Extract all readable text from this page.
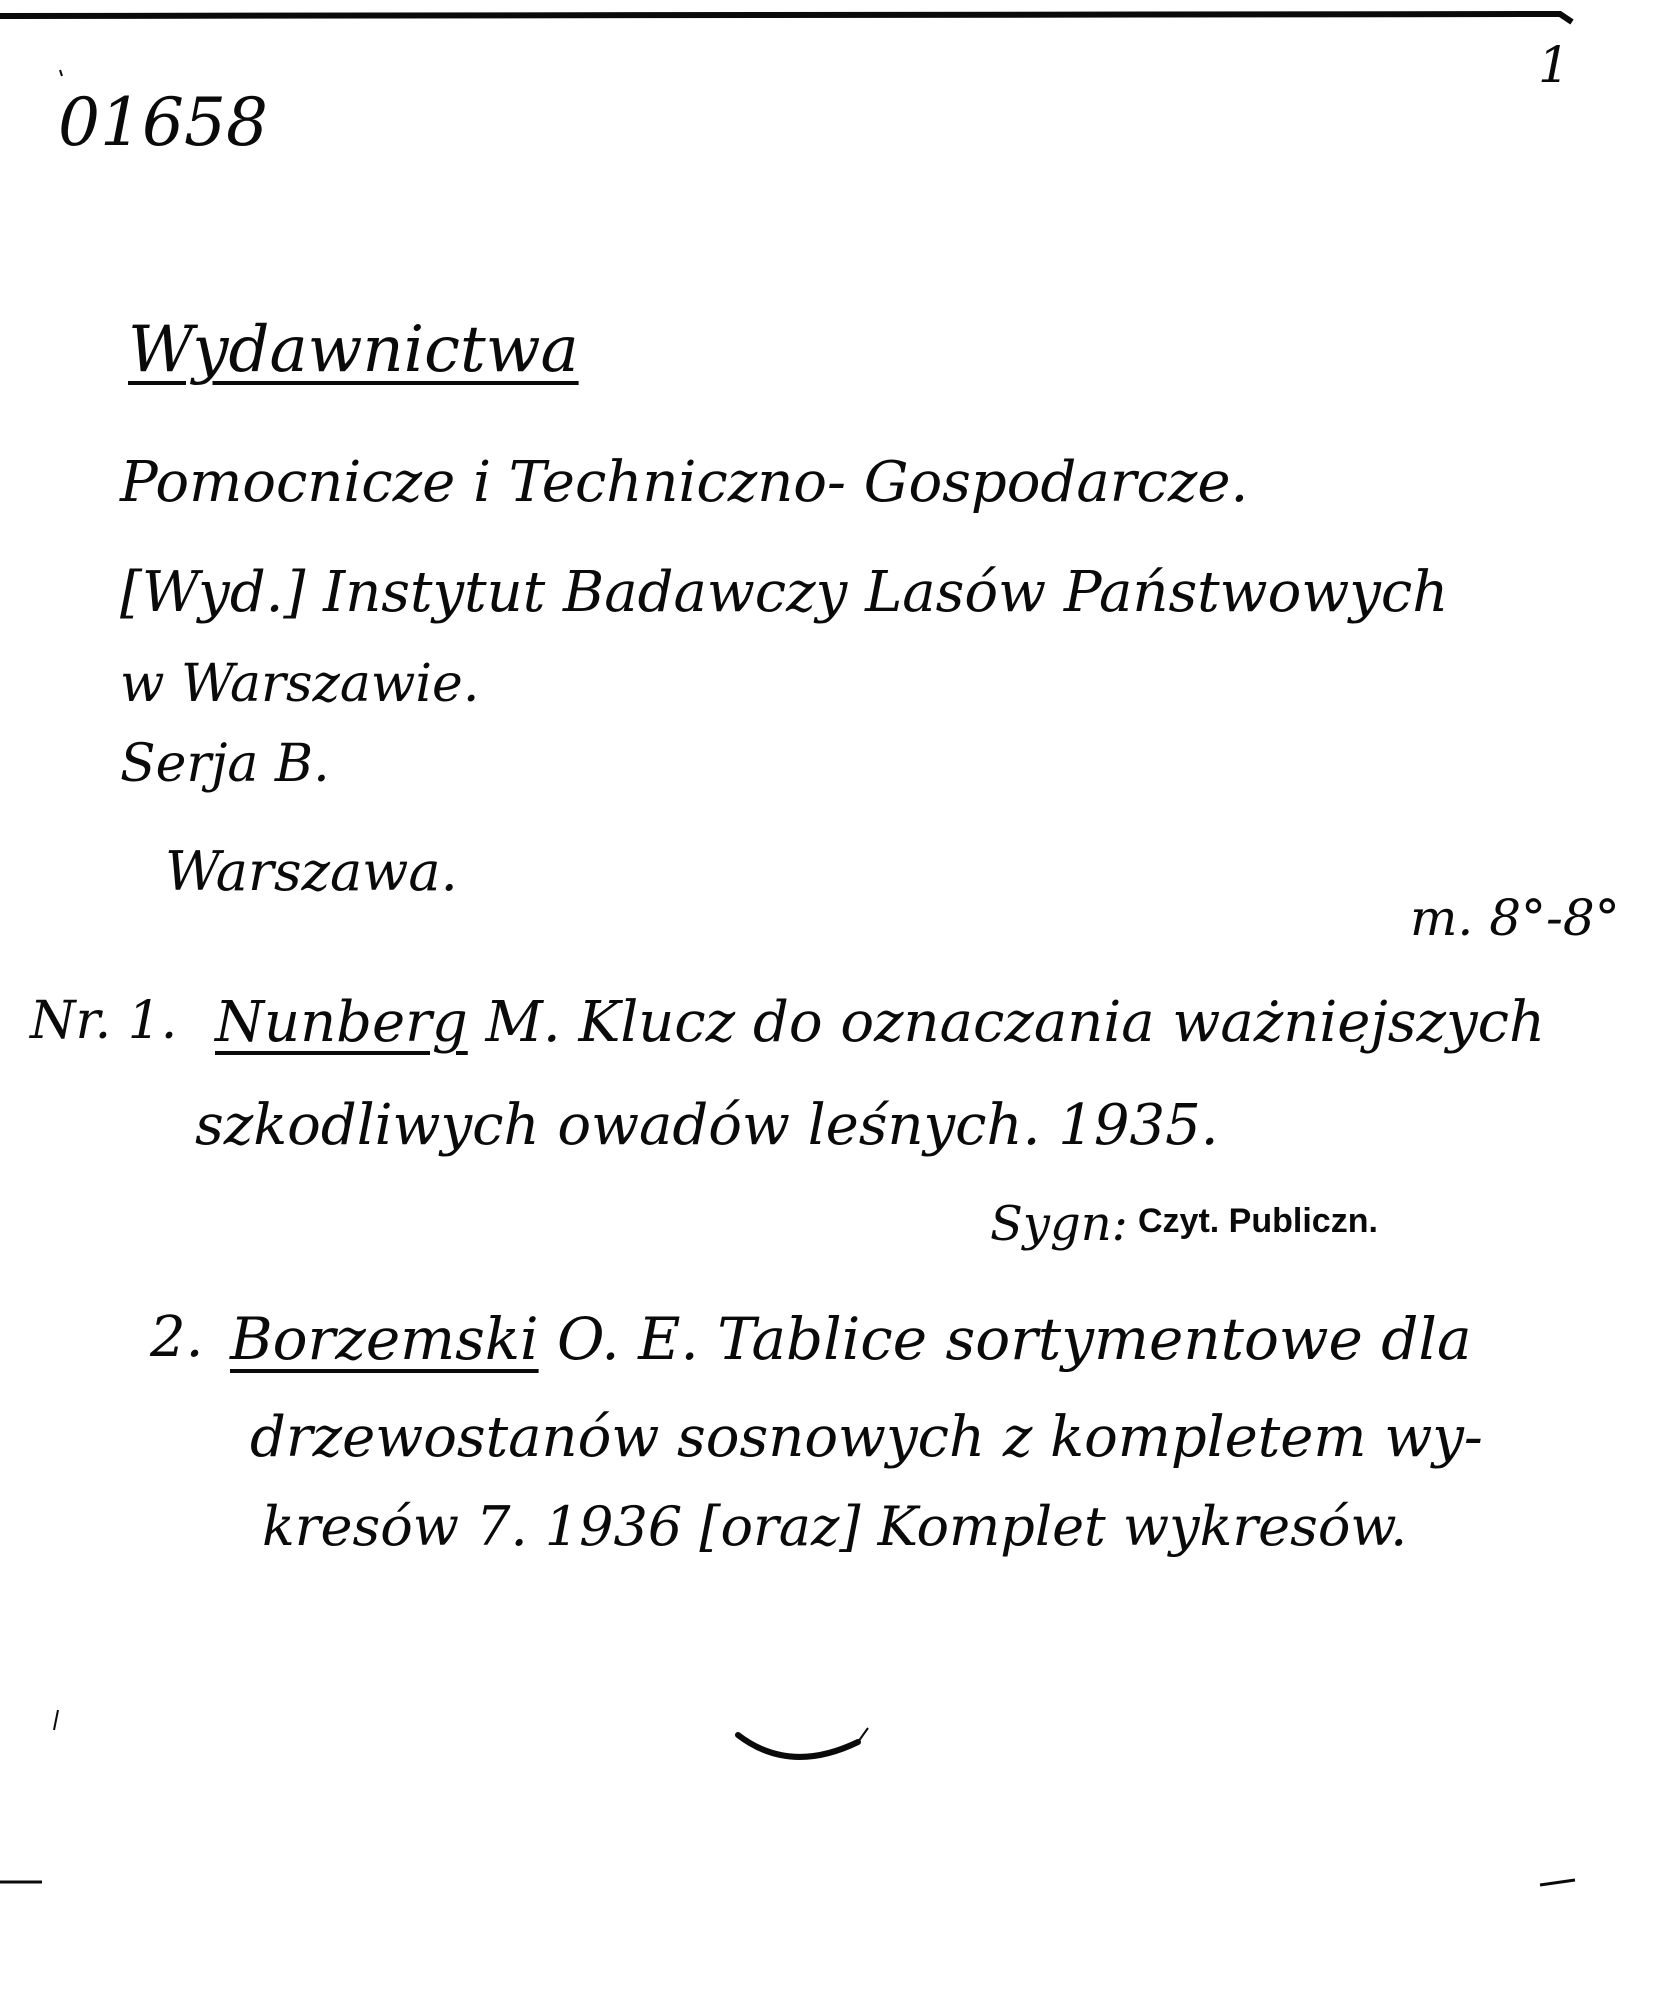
01658
1
Wydawnictwa
Pomocnicze i Techniczno- Gospodarcze.
[Wyd.] Instytut Badawczy Lasów Państwowych
w Warszawie.
Serja B.
Warszawa.
m. 8°-8°
Nr. 1. Nunberg M. Klucz do oznaczania ważniejszych
szkodliwych owadów leśnych. 1935.
Sygn: Czyt. Publiczn.
2. Borzemski O. E. Tablice sortymentowe dla
drzewostanów sosnowych z kompletem wy-
kresów 7. 1936 [oraz] Komplet wykresów.
